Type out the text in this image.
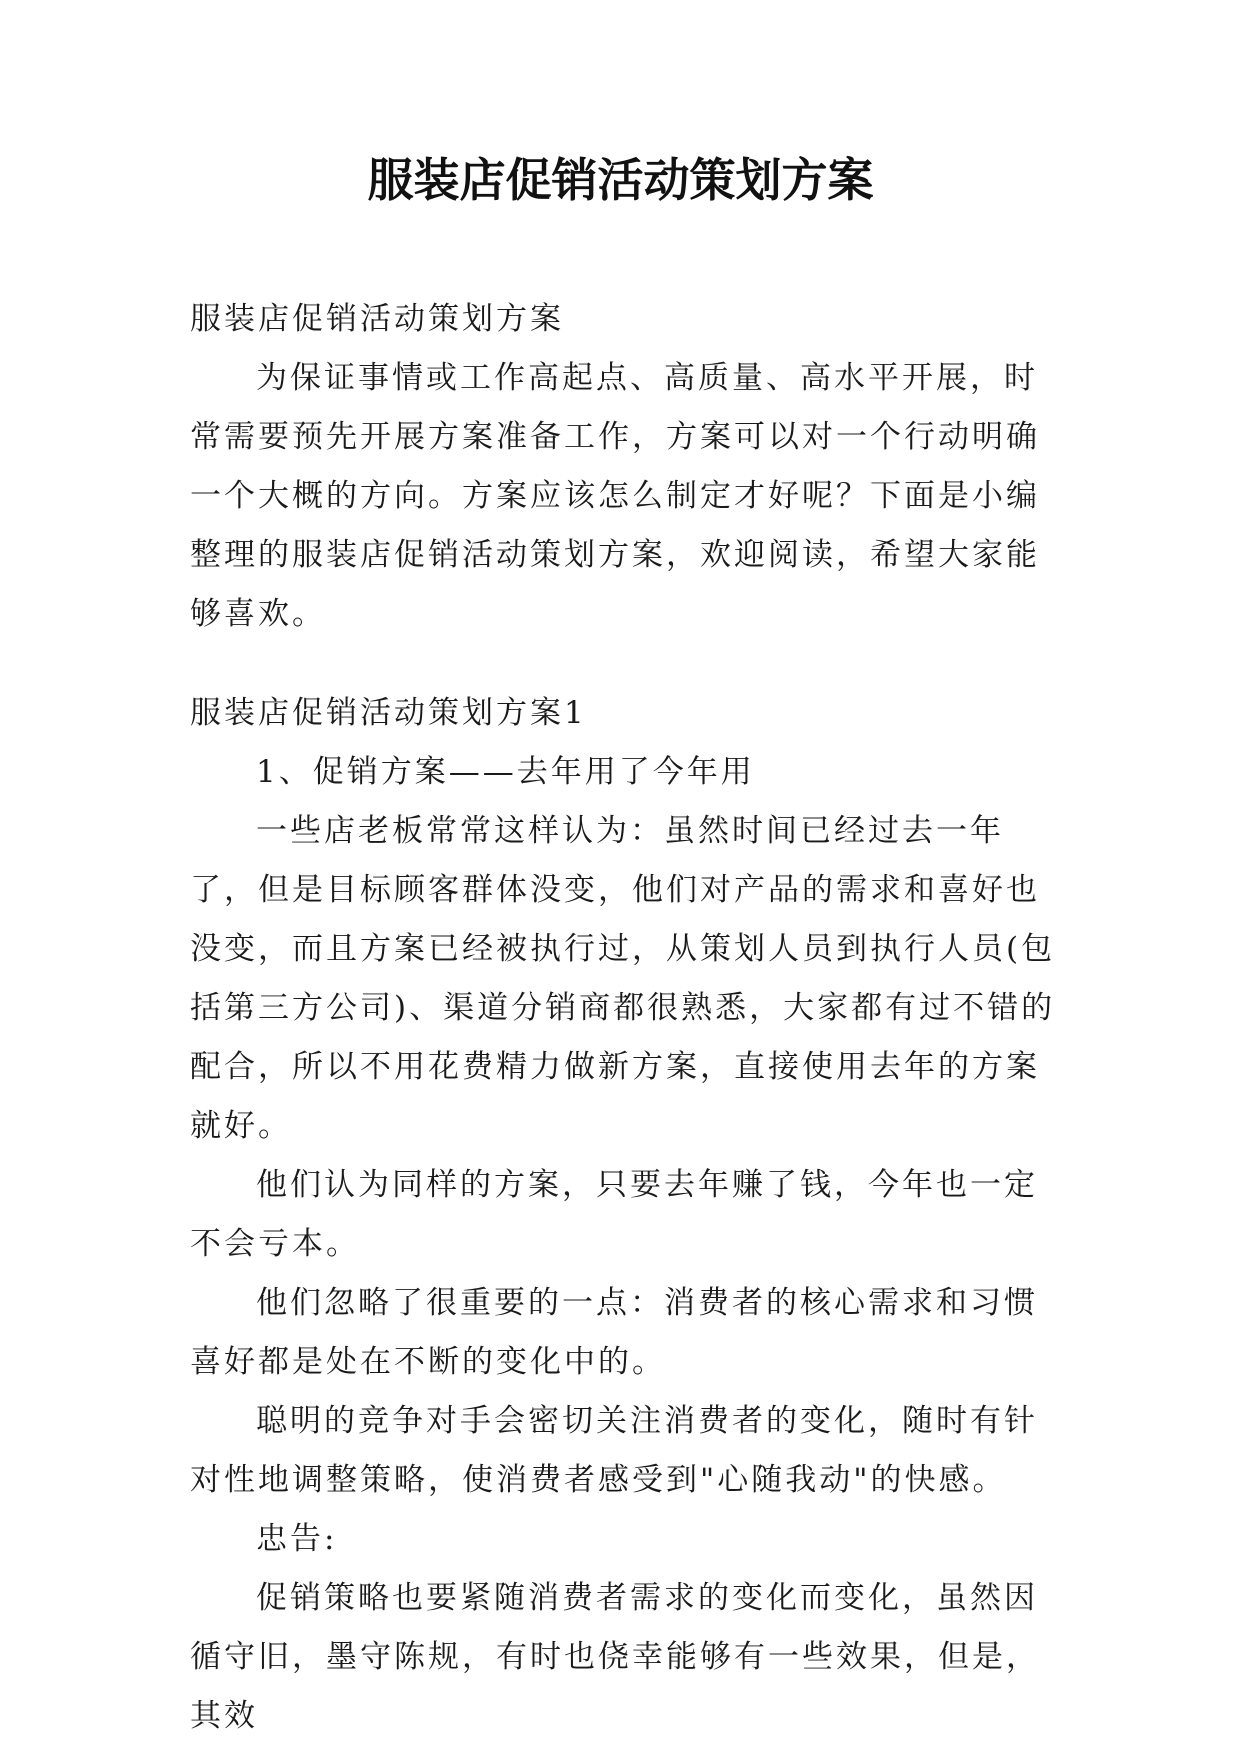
服装店促销活动策划方案

服装店促销活动策划方案

为保证事情或工作高起点、高质量、高水平开展，时常需要预先开展方案准备工作，方案可以对一个行动明确一个大概的方向。方案应该怎么制定才好呢？下面是小编整理的服装店促销活动策划方案，欢迎阅读，希望大家能够喜欢。

服装店促销活动策划方案1

1、促销方案——去年用了今年用

一些店老板常常这样认为：虽然时间已经过去一年了，但是目标顾客群体没变，他们对产品的需求和喜好也没变，而且方案已经被执行过，从策划人员到执行人员(包括第三方公司)、渠道分销商都很熟悉，大家都有过不错的配合，所以不用花费精力做新方案，直接使用去年的方案就好。

他们认为同样的方案，只要去年赚了钱，今年也一定不会亏本。

他们忽略了很重要的一点：消费者的核心需求和习惯喜好都是处在不断的变化中的。

聪明的竞争对手会密切关注消费者的变化，随时有针对性地调整策略，使消费者感受到"心随我动"的快感。

忠告:

促销策略也要紧随消费者需求的变化而变化，虽然因循守旧，墨守陈规，有时也侥幸能够有一些效果，但是，其效
